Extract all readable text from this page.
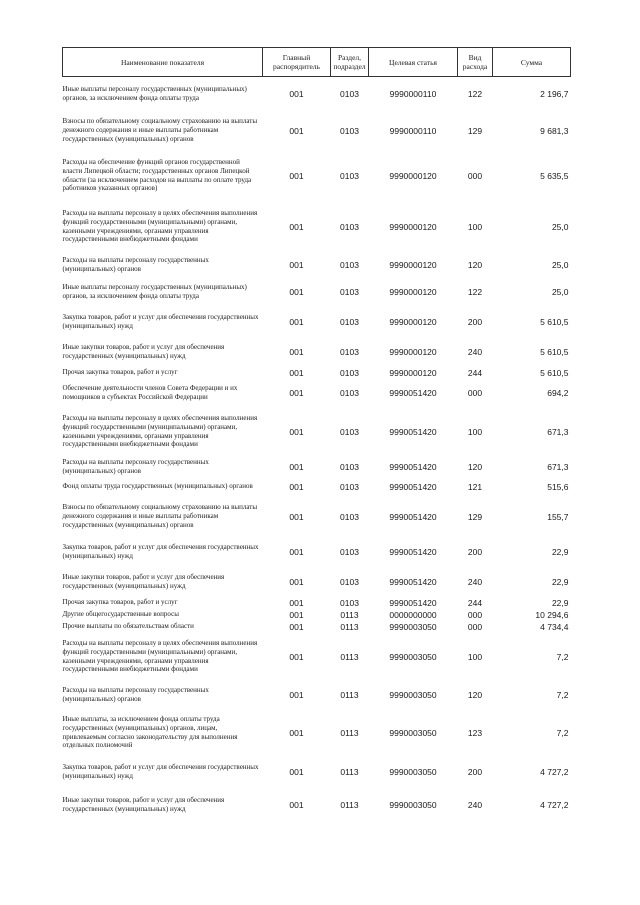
Наименование показателя	Главный распорядитель	Раздел, подраздел	Целевая статья	Вид расхода	Сумма
Иные выплаты персоналу государственных (муниципальных) органов, за исключением фонда оплаты труда	001	0103	9990000110	122	2 196,7
Взносы по обязательному социальному страхованию на выплаты денежного содержания и иные выплаты работникам государственных (муниципальных) органов	001	0103	9990000110	129	9 681,3
Расходы на обеспечение функций органов государственной власти Липецкой области; государственных органов Липецкой области (за исключением расходов на выплаты по оплате труда работников указанных органов)	001	0103	9990000120	000	5 635,5
Расходы на выплаты персоналу в целях обеспечения выполнения функций государственными (муниципальными) органами, казенными учреждениями, органами управления государственными внебюджетными фондами	001	0103	9990000120	100	25,0
Расходы на выплаты персоналу государственных (муниципальных) органов	001	0103	9990000120	120	25,0
Иные выплаты персоналу государственных (муниципальных) органов, за исключением фонда оплаты труда	001	0103	9990000120	122	25,0
Закупка товаров, работ и услуг для обеспечения государственных (муниципальных) нужд	001	0103	9990000120	200	5 610,5
Иные закупки товаров, работ и услуг для обеспечения государственных (муниципальных) нужд	001	0103	9990000120	240	5 610,5
Прочая закупка товаров, работ и услуг	001	0103	9990000120	244	5 610,5
Обеспечение деятельности членов Совета Федерации и их помощников в субъектах Российской Федерации	001	0103	9990051420	000	694,2
Расходы на выплаты персоналу в целях обеспечения выполнения функций государственными (муниципальными) органами, казенными учреждениями, органами управления государственными внебюджетными фондами	001	0103	9990051420	100	671,3
Расходы на выплаты персоналу государственных (муниципальных) органов	001	0103	9990051420	120	671,3
Фонд оплаты труда государственных (муниципальных) органов	001	0103	9990051420	121	515,6
Взносы по обязательному социальному страхованию на выплаты денежного содержания и иные выплаты работникам государственных (муниципальных) органов	001	0103	9990051420	129	155,7
Закупка товаров, работ и услуг для обеспечения государственных (муниципальных) нужд	001	0103	9990051420	200	22,9
Иные закупки товаров, работ и услуг для обеспечения государственных (муниципальных) нужд	001	0103	9990051420	240	22,9
Прочая закупка товаров, работ и услуг	001	0103	9990051420	244	22,9
Другие общегосударственные вопросы	001	0113	0000000000	000	10 294,6
Прочие выплаты по обязательствам области	001	0113	9990003050	000	4 734,4
Расходы на выплаты персоналу в целях обеспечения выполнения функций государственными (муниципальными) органами, казенными учреждениями, органами управления государственными внебюджетными фондами	001	0113	9990003050	100	7,2
Расходы на выплаты персоналу государственных (муниципальных) органов	001	0113	9990003050	120	7,2
Иные выплаты, за исключением фонда оплаты труда государственных (муниципальных) органов, лицам, привлекаемым согласно законодательству для выполнения отдельных полномочий	001	0113	9990003050	123	7,2
Закупка товаров, работ и услуг для обеспечения государственных (муниципальных) нужд	001	0113	9990003050	200	4 727,2
Иные закупки товаров, работ и услуг для обеспечения государственных (муниципальных) нужд	001	0113	9990003050	240	4 727,2
